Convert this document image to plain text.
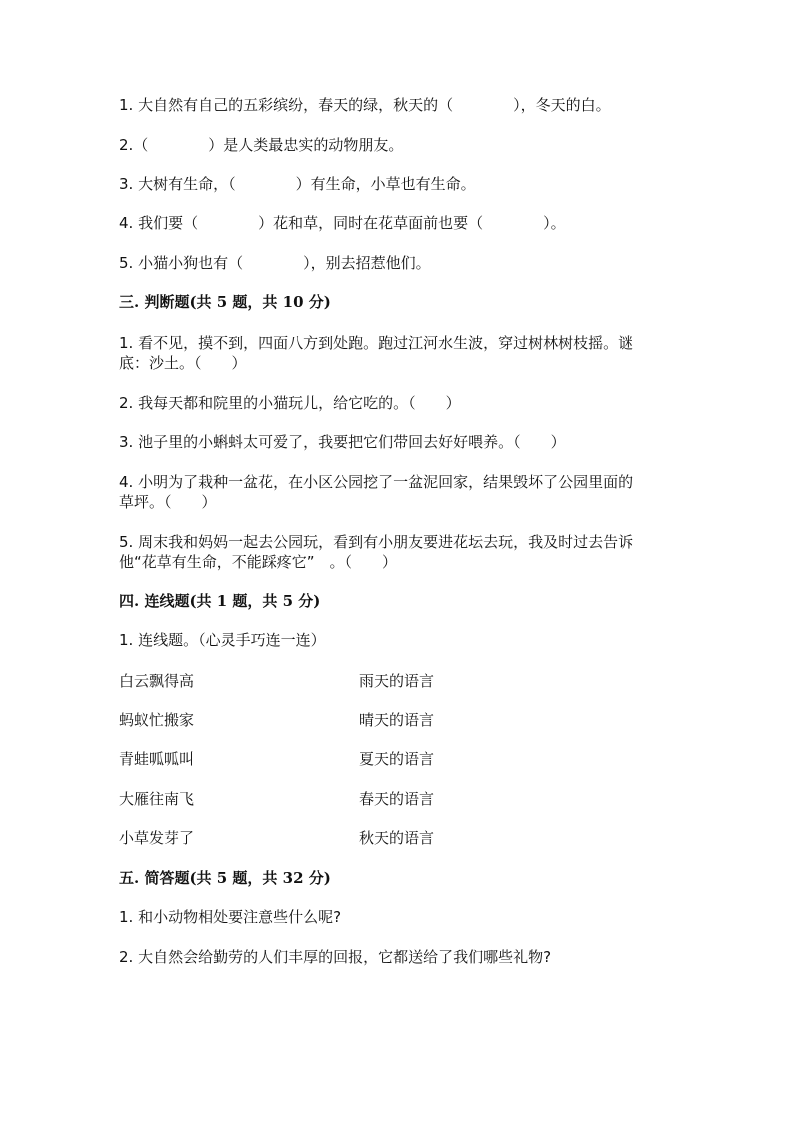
1. 大自然有自己的五彩缤纷，春天的绿，秋天的（　　　　），冬天的白。
2.（　　　　）是人类最忠实的动物朋友。
3. 大树有生命，（　　　　）有生命，小草也有生命。
4. 我们要（　　　　）花和草，同时在花草面前也要（　　　　）。
5. 小猫小狗也有（　　　　），别去招惹他们。
三. 判断题(共 5 题，共 10 分)
1. 看不见，摸不到，四面八方到处跑。跑过江河水生波，穿过树林树枝摇。谜
底：沙土。（　　）
2. 我每天都和院里的小猫玩儿，给它吃的。（　　）
3. 池子里的小蝌蚪太可爱了，我要把它们带回去好好喂养。（　　）
4. 小明为了栽种一盆花，在小区公园挖了一盆泥回家，结果毁坏了公园里面的
草坪。（　　）
5. 周末我和妈妈一起去公园玩，看到有小朋友要进花坛去玩，我及时过去告诉
他“花草有生命，不能踩疼它”　。（　　）
四. 连线题(共 1 题，共 5 分)
1. 连线题。（心灵手巧连一连）
白云飘得高	雨天的语言
蚂蚁忙搬家	晴天的语言
青蛙呱呱叫	夏天的语言
大雁往南飞	春天的语言
小草发芽了	秋天的语言
五. 简答题(共 5 题，共 32 分)
1. 和小动物相处要注意些什么呢?
2. 大自然会给勤劳的人们丰厚的回报，它都送给了我们哪些礼物?
